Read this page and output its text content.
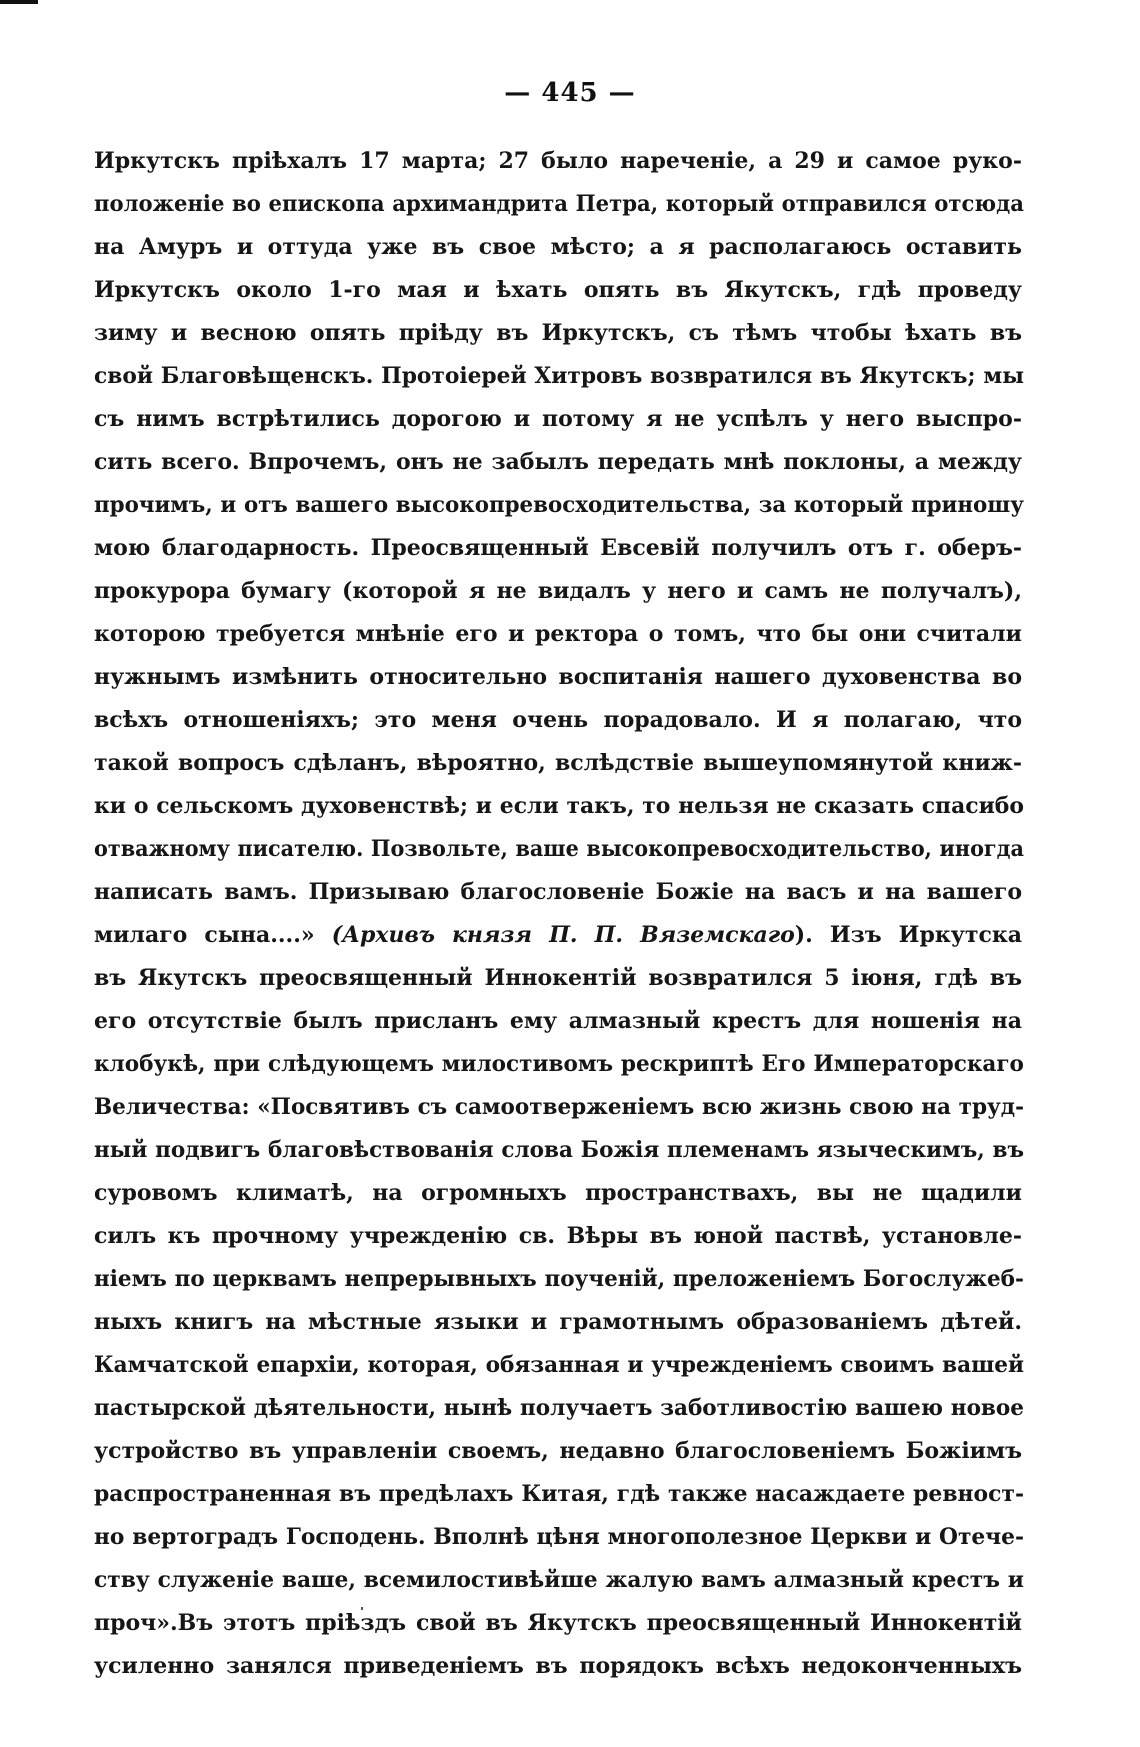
— 445 —
Иркутскъ пріѣхалъ 17 марта; 27 было нареченіе, а 29 и самое руко-
положеніе во епископа архимандрита Петра, который отправился отсюда
на Амуръ и оттуда уже въ свое мѣсто; а я располагаюсь оставить
Иркутскъ около 1-го мая и ѣхать опять въ Якутскъ, гдѣ проведу
зиму и весною опять пріѣду въ Иркутскъ, съ тѣмъ чтобы ѣхать въ
свой Благовѣщенскъ. Протоіерей Хитровъ возвратился въ Якутскъ; мы
съ нимъ встрѣтились дорогою и потому я не успѣлъ у него выспро-
сить всего. Впрочемъ, онъ не забылъ передать мнѣ поклоны, а между
прочимъ, и отъ вашего высокопревосходительства, за который приношу
мою благодарность. Преосвященный Евсевій получилъ отъ г. оберъ-
прокурора бумагу (которой я не видалъ у него и самъ не получалъ),
которою требуется мнѣніе его и ректора о томъ, что бы они считали
нужнымъ измѣнить относительно воспитанія нашего духовенства во
всѣхъ отношеніяхъ; это меня очень порадовало. И я полагаю, что
такой вопросъ сдѣланъ, вѣроятно, вслѣдствіе вышеупомянутой книж-
ки о сельскомъ духовенствѣ; и если такъ, то нельзя не сказать спасибо
отважному писателю. Позвольте, ваше высокопревосходительство, иногда
написать вамъ. Призываю благословеніе Божіе на васъ и на вашего
милаго сына....» (Архивъ князя П. П. Вяземскаго). Изъ Иркутска
въ Якутскъ преосвященный Иннокентій возвратился 5 іюня, гдѣ въ
его отсутствіе былъ присланъ ему алмазный крестъ для ношенія на
клобукѣ, при слѣдующемъ милостивомъ рескриптѣ Его Императорскаго
Величества: «Посвятивъ съ самоотверженіемъ всю жизнь свою на труд-
ный подвигъ благовѣствованія слова Божія племенамъ языческимъ, въ
суровомъ климатѣ, на огромныхъ пространствахъ, вы не щадили
силъ къ прочному учрежденію св. Вѣры въ юной паствѣ, установле-
ніемъ по церквамъ непрерывныхъ поученій, преложеніемъ Богослужеб-
ныхъ книгъ на мѣстные языки и грамотнымъ образованіемъ дѣтей.
Камчатской епархіи, которая, обязанная и учрежденіемъ своимъ вашей
пастырской дѣятельности, нынѣ получаетъ заботливостію вашею новое
устройство въ управленіи своемъ, недавно благословеніемъ Божіимъ
распространенная въ предѣлахъ Китая, гдѣ также насаждаете ревност-
но вертоградъ Господень. Вполнѣ цѣня многополезное Церкви и Отече-
ству служеніе ваше, всемилостивѣйше жалую вамъ алмазный крестъ и
проч».Въ этотъ пріѣздъ свой въ Якутскъ преосвященный Иннокентій
усиленно занялся приведеніемъ въ порядокъ всѣхъ недоконченныхъ
